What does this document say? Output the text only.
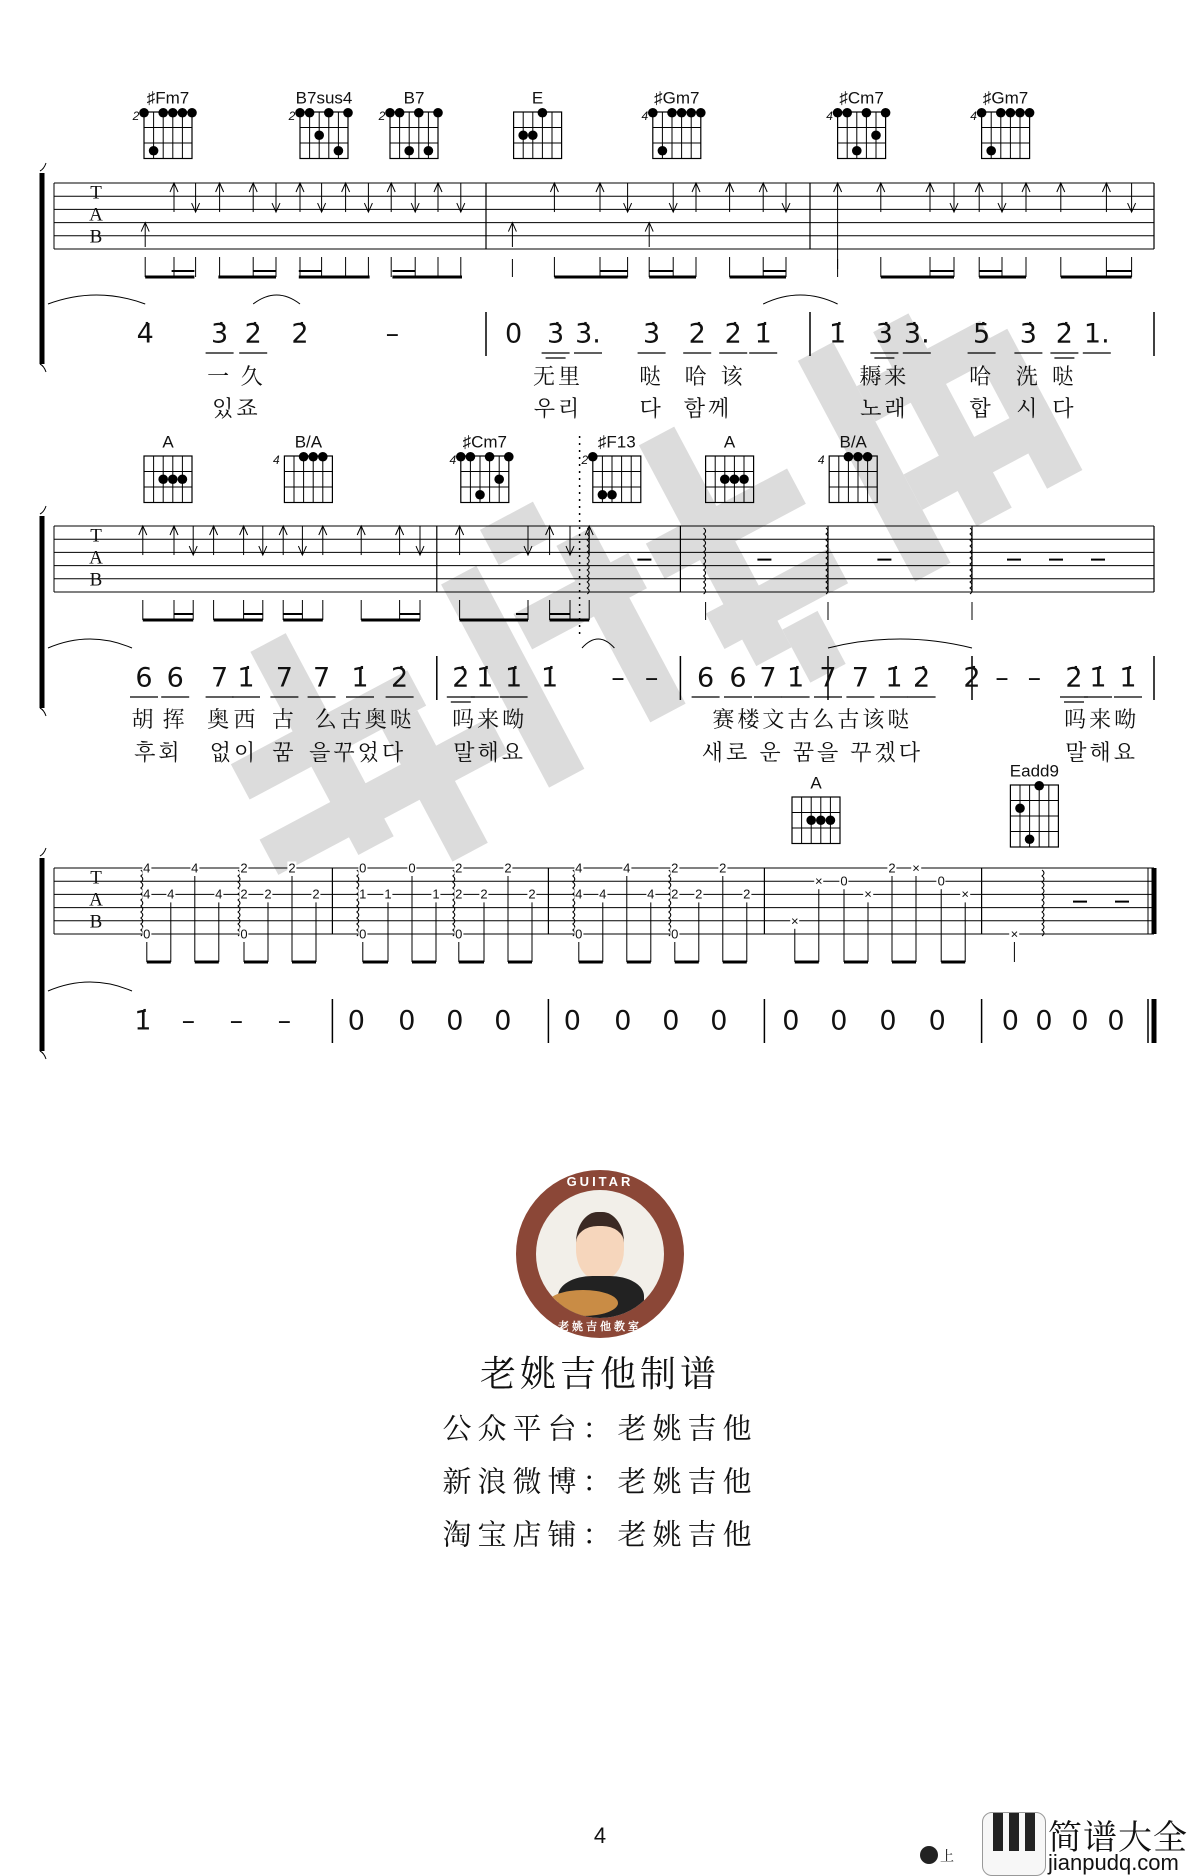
GUITAR
老姚吉他教室
老姚吉他制谱
公众平台：老姚吉他
新浪微博：老姚吉他
淘宝店铺：老姚吉他
4
上	简谱大全
jianpudq.com
T
A
B
♯Fm7
2
B7sus4
2
B7
2
E	♯Gm7
4
♯Cm7
4
♯Gm7
4
4̇ 3̇ 2̇ 2̇	–	0 3̇ 3̇. 3̇ 2̇ 2̇ 1̇ 1̇ 3̇ 3̇. 5̇ 3̇ 2̇ 1.
一 久	无里	哒 哈 该	耨来	哈 洗 哒
있죠	우리	다 함께	노래	합 시 다
T
A
B
A	B/A
4
♯Cm7
4
♯F13
2
A	B/A
4
6 6 7 1̇ 7 7 1̇ 2̇ 2̇ 1̇ 1̇ 1̇ – – 6 6 7 1̇ 7 7 1̇ 2̇ 2̇ – – 2̇ 1̇ 1̇
胡 挥 奥 西 古 么古奥哒 吗来呦	赛楼文古么古该哒	吗来呦
후회 없이 꿈 을꾸었다 말해요	새로 운 꿈을 꾸겠다	말해요
T
A
B
A
Eadd9
1̇ – – – 0 0 0 0 0 0 0 0 0 0 0 0 0 0 0 0
4
4
0
4
4
4
2
2
0
2
2
2
0
1
0
1
0
1
2
2
0
2
2
2
4
4
0
4
4
4
2
2
0
2
2
2
×
× 0
×
2 ×
0
×
×
